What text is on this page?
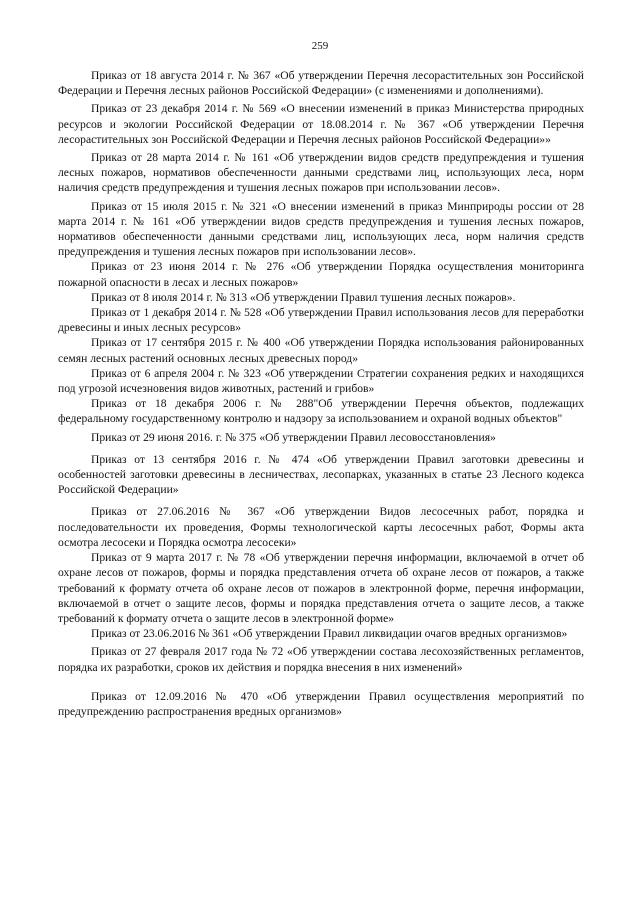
259

Приказ от 18 августа 2014 г. № 367 «Об утверждении Перечня лесорастительных зон Российской Федерации и Перечня лесных районов Российской Федерации» (с изменениями и дополнениями).

Приказ от 23 декабря 2014 г. № 569 «О внесении изменений в приказ Министерства природных ресурсов и экологии Российской Федерации от 18.08.2014 г. № 367 «Об утверждении Перечня лесорастительных зон Российской Федерации и Перечня лесных районов Российской Федерации»»

Приказ от 28 марта 2014 г. № 161 «Об утверждении видов средств предупреждения и тушения лесных пожаров, нормативов обеспеченности данными средствами лиц, использующих леса, норм наличия средств предупреждения и тушения лесных пожаров при использовании лесов».

Приказ от 15 июля 2015 г. № 321 «О внесении изменений в приказ Минприроды россии от 28 марта 2014 г. № 161 «Об утверждении видов средств предупреждения и тушения лесных пожаров, нормативов обеспеченности данными средствами лиц, использующих леса, норм наличия средств предупреждения и тушения лесных пожаров при использовании лесов».

Приказ от 23 июня 2014 г. № 276 «Об утверждении Порядка осуществления мониторинга пожарной опасности в лесах и лесных пожаров»

Приказ от 8 июля 2014 г. № 313 «Об утверждении Правил тушения лесных пожаров».

Приказ от 1 декабря 2014 г. № 528 «Об утверждении Правил использования лесов для переработки древесины и иных лесных ресурсов»

Приказ от 17 сентября 2015 г. № 400 «Об утверждении Порядка использования районированных семян лесных растений основных лесных древесных пород»

Приказ от 6 апреля 2004 г. № 323 «Об утверждении Стратегии сохранения редких и находящихся под угрозой исчезновения видов животных, растений и грибов»

Приказ от 18 декабря 2006 г. № 288"Об утверждении Перечня объектов, подлежащих федеральному государственному контролю и надзору за использованием и охраной водных объектов"

Приказ от 29 июня 2016. г. № 375 «Об утверждении Правил лесовосстановления»

Приказ от 13 сентября 2016 г. № 474 «Об утверждении Правил заготовки древесины и особенностей заготовки древесины в лесничествах, лесопарках, указанных в статье 23 Лесного кодекса Российской Федерации»

Приказ от 27.06.2016 № 367 «Об утверждении Видов лесосечных работ, порядка и последовательности их проведения, Формы технологической карты лесосечных работ, Формы акта осмотра лесосеки и Порядка осмотра лесосеки»

Приказ от 9 марта 2017 г. № 78 «Об утверждении перечня информации, включаемой в отчет об охране лесов от пожаров, формы и порядка представления отчета об охране лесов от пожаров, а также требований к формату отчета об охране лесов от пожаров в электронной форме, перечня информации, включаемой в отчет о защите лесов, формы и порядка представления отчета о защите лесов, а также требований к формату отчета о защите лесов в электронной форме»

Приказ от 23.06.2016 № 361 «Об утверждении Правил ликвидации очагов вредных организмов»

Приказ от 27 февраля 2017 года № 72 «Об утверждении состава лесохозяйственных регламентов, порядка их разработки, сроков их действия и порядка внесения в них изменений»

Приказ от 12.09.2016 № 470 «Об утверждении Правил осуществления мероприятий по предупреждению распространения вредных организмов»
